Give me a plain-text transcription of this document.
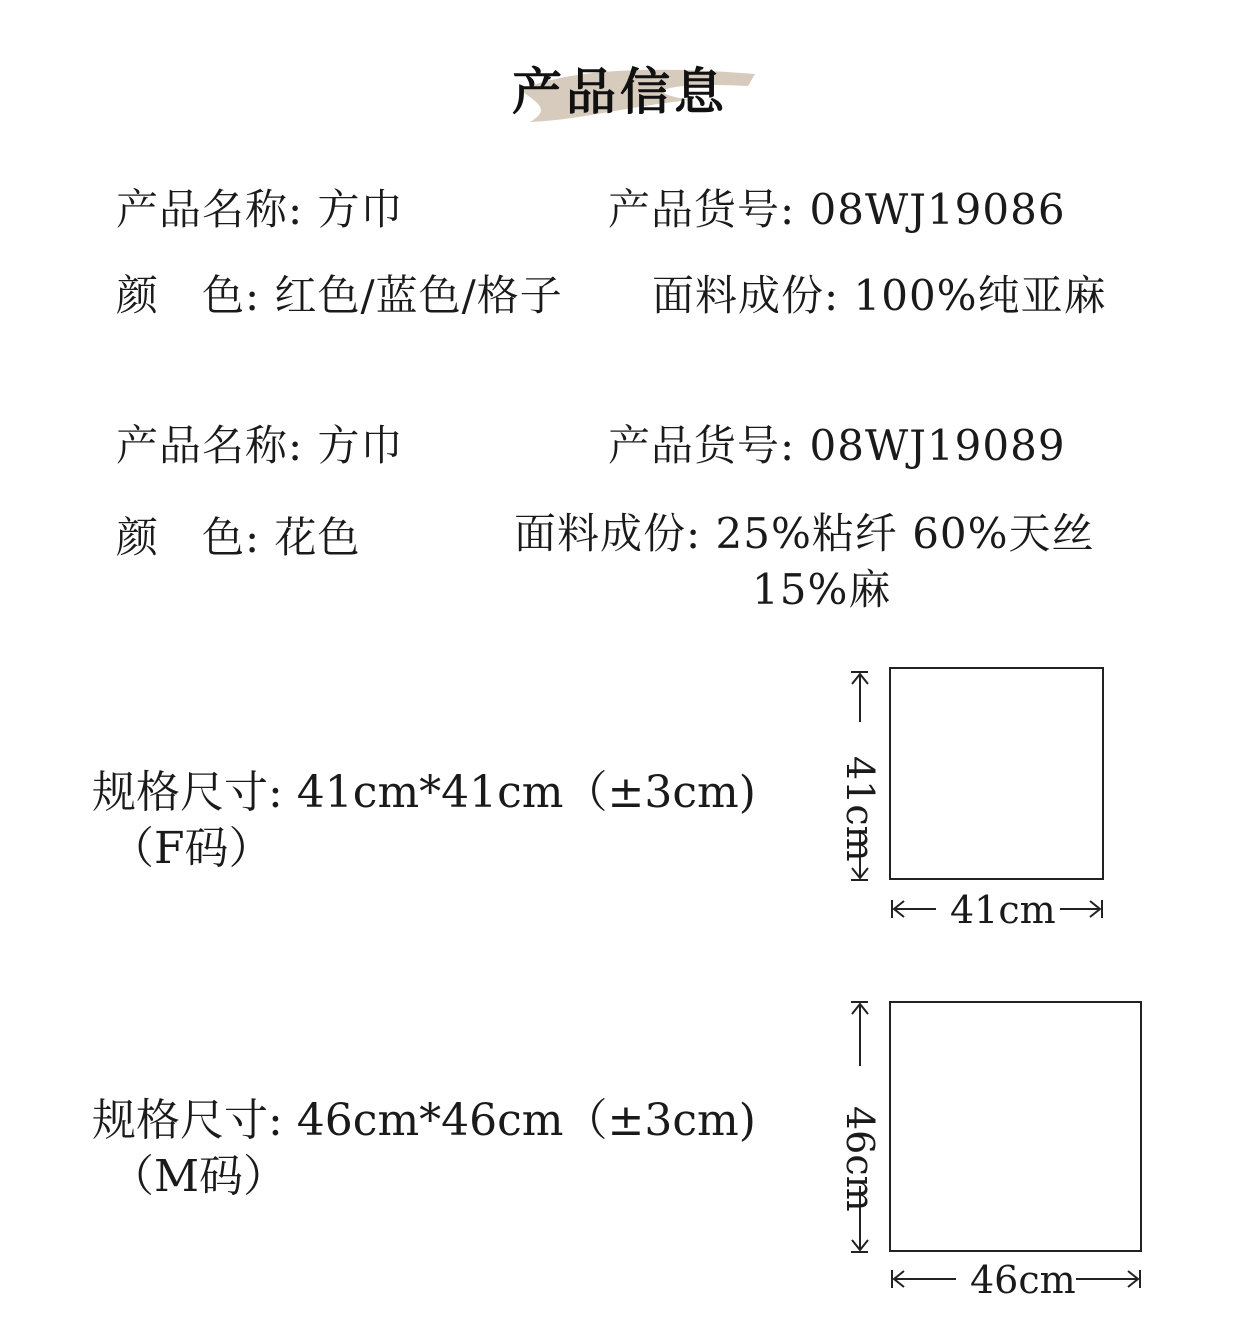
产品信息
产品名称: 方巾	产品货号: 08WJ19086
颜　色: 红色/蓝色/格子 面料成份: 100%纯亚麻
产品名称: 方巾	产品货号: 08WJ19089
颜　色: 花色	面料成份: 25%粘纤 60%天丝
15%麻
规格尺寸: 41cm*41cm（±3cm)
（F码）	41cm
41cm
规格尺寸: 46cm*46cm（±3cm)
（M码）	46cm
46cm
